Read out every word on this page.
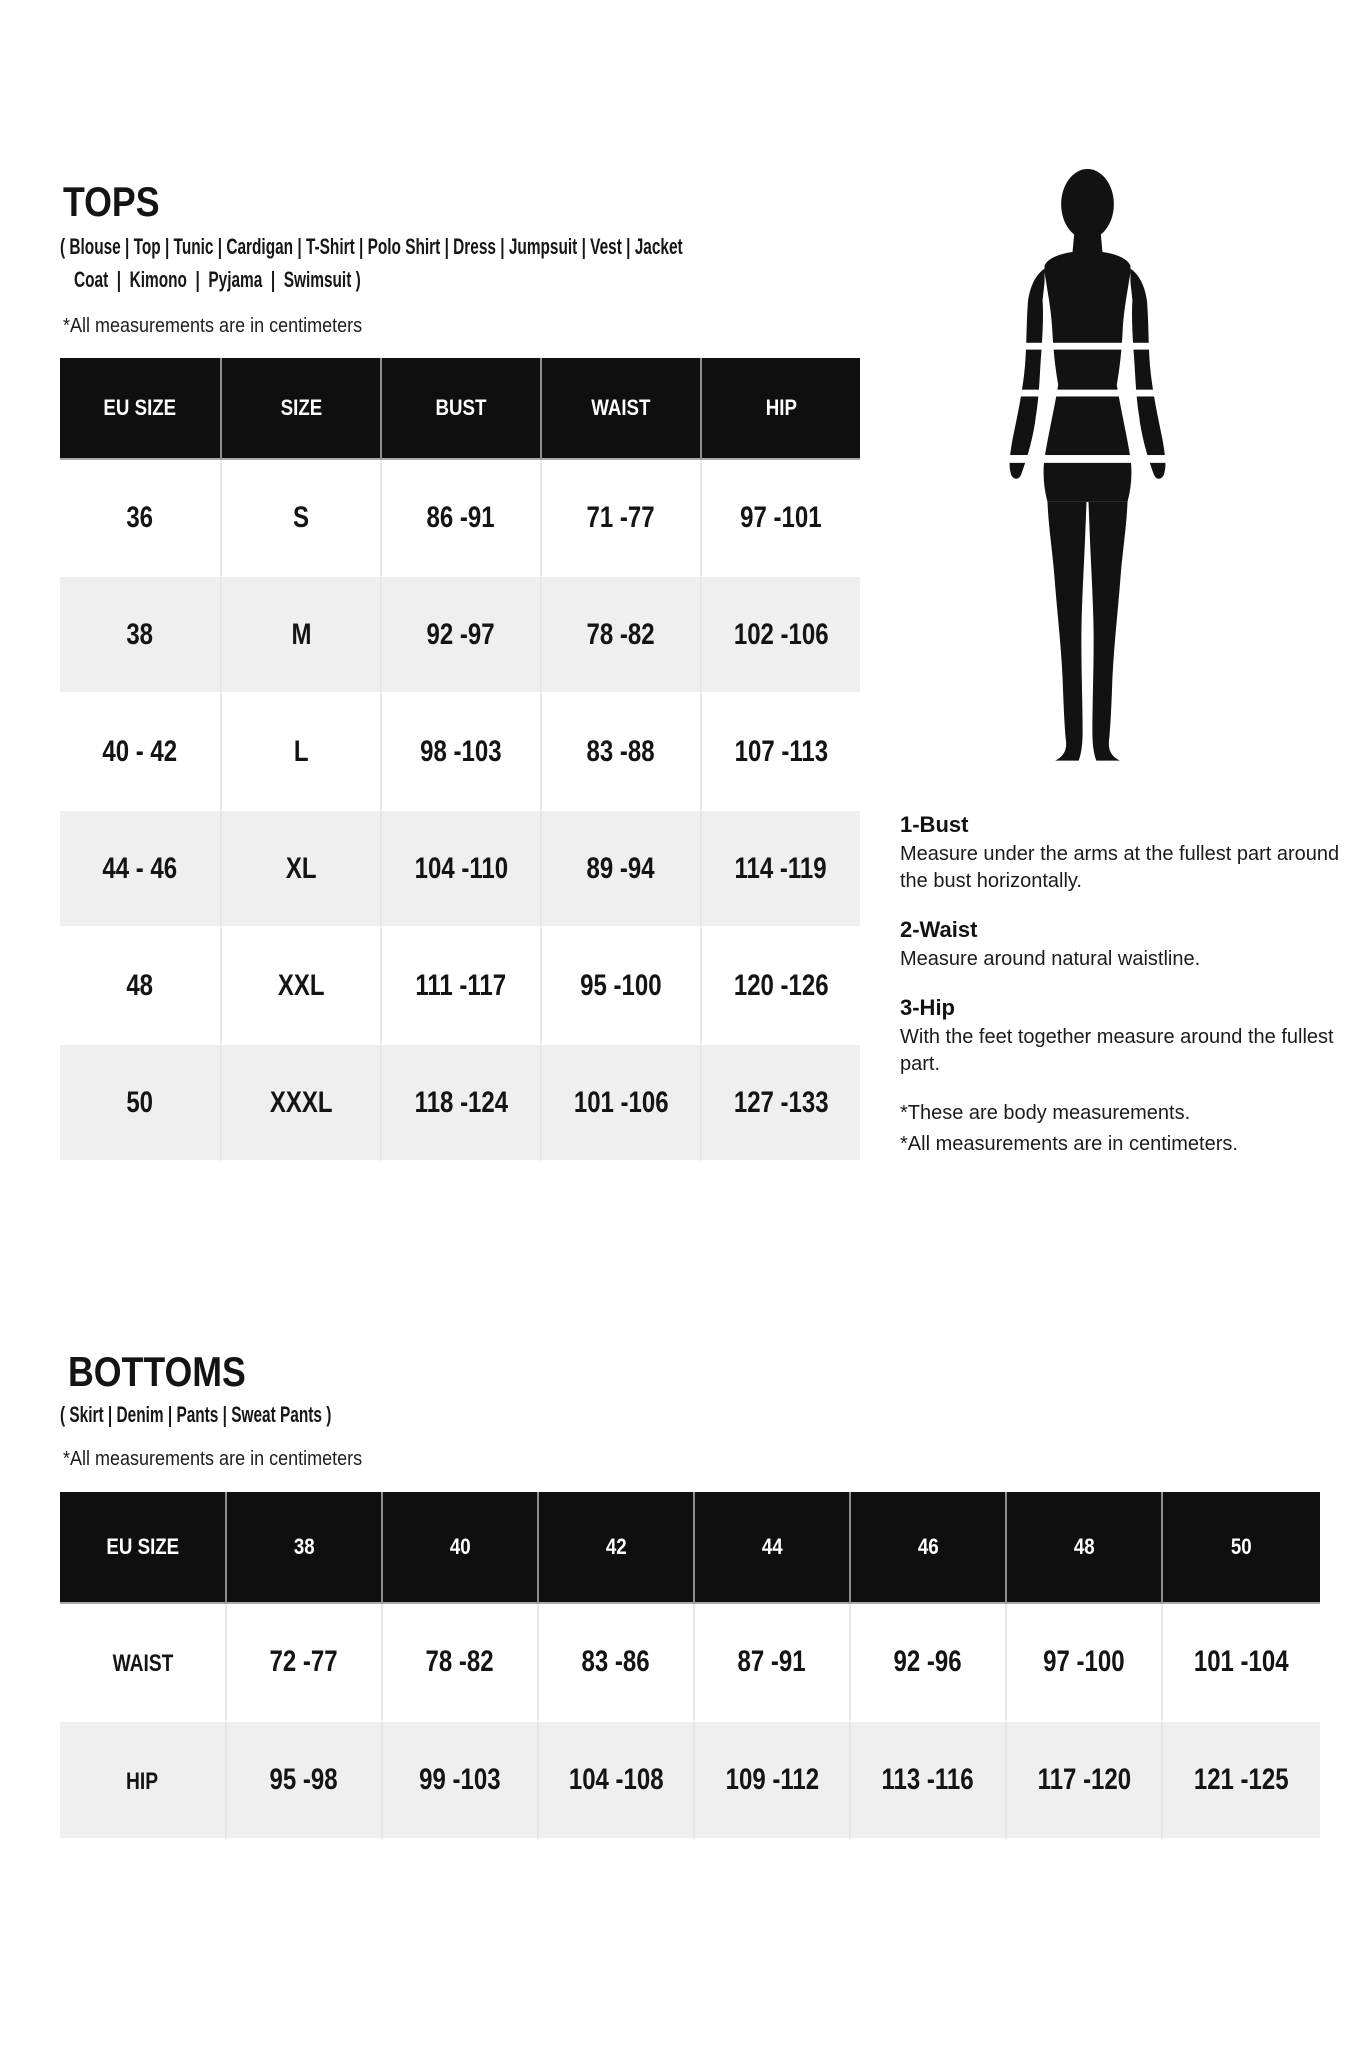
TOPS
( Blouse | Top | Tunic | Cardigan | T-Shirt | Polo Shirt | Dress | Jumpsuit | Vest | Jacket
Coat  |  Kimono  |  Pyjama  |  Swimsuit )
*All measurements are in centimeters
EU SIZE	SIZE	BUST	WAIST	HIP
36	S	86 -91	71 -77	97 -101
38	M	92 -97	78 -82	102 -106
40 - 42	L	98 -103	83 -88	107 -113
44 - 46	XL	104 -110	89 -94	114 -119
48	XXL	111 -117	95 -100	120 -126
50	XXXL	118 -124	101 -106	127 -133
1-Bust

Measure under the arms at the fullest part around the bust horizontally.

2-Waist

Measure around natural waistline.

3-Hip

With the feet together measure around the fullest part.

*These are body measurements.

*All measurements are in centimeters.

BOTTOMS
( Skirt | Denim | Pants | Sweat Pants )
*All measurements are in centimeters
EU SIZE	38	40	42	44	46	48	50
WAIST	72 -77	78 -82	83 -86	87 -91	92 -96	97 -100	101 -104
HIP	95 -98	99 -103	104 -108	109 -112	113 -116	117 -120	121 -125
